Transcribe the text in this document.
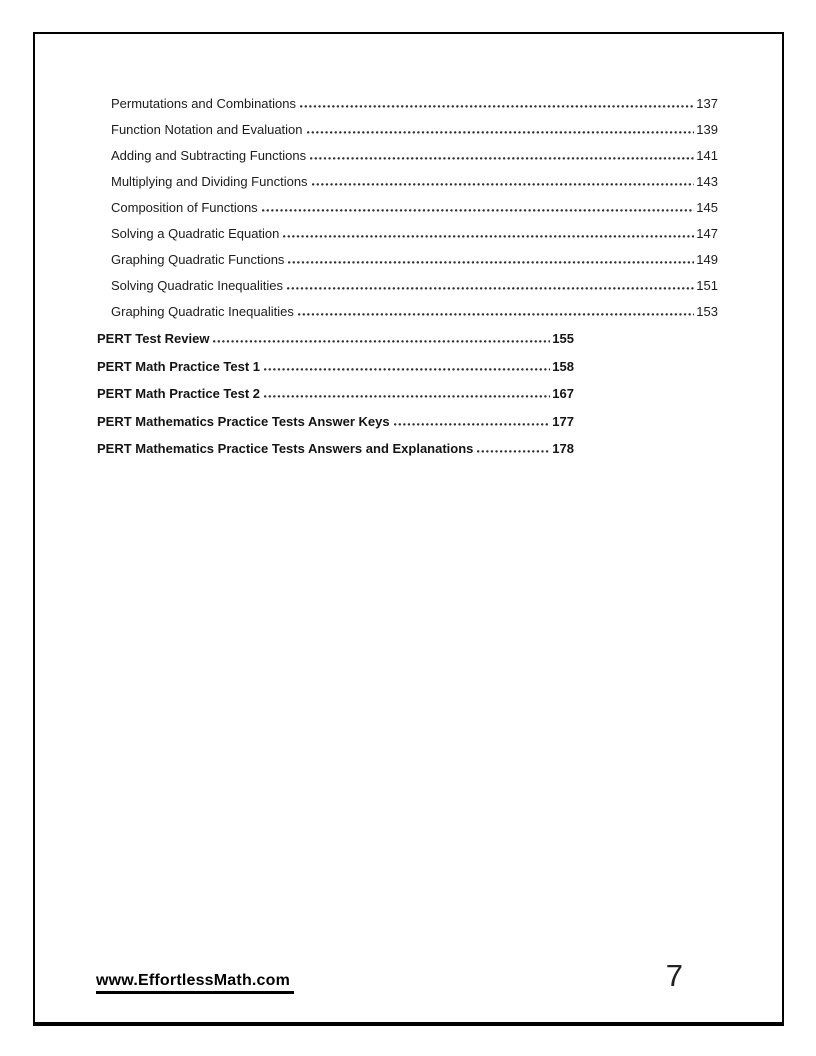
Permutations and Combinations	137
Function Notation and Evaluation	139
Adding and Subtracting Functions	141
Multiplying and Dividing Functions	143
Composition of Functions	145
Solving a Quadratic Equation	147
Graphing Quadratic Functions	149
Solving Quadratic Inequalities	151
Graphing Quadratic Inequalities	153
PERT Test Review	155
PERT Math Practice Test 1	158
PERT Math Practice Test 2	167
PERT Mathematics Practice Tests Answer Keys	177
PERT Mathematics Practice Tests Answers and Explanations	178
www.EffortlessMath.com	7
